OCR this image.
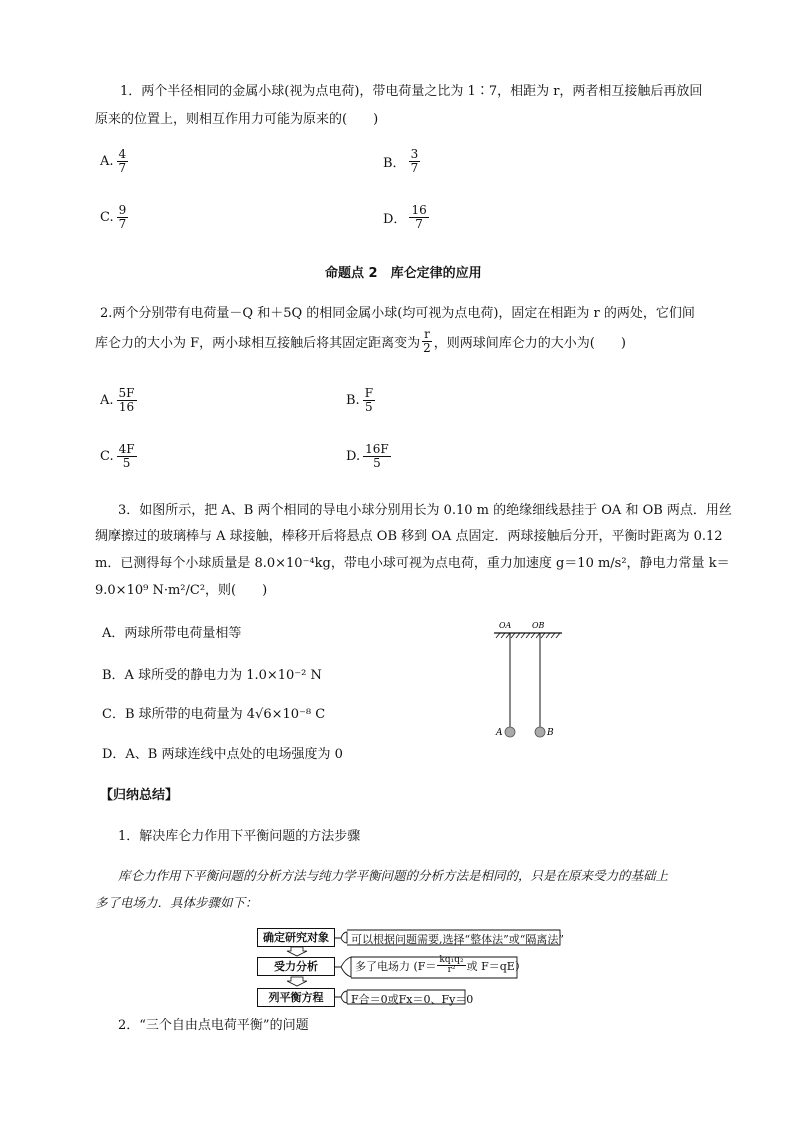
1．两个半径相同的金属小球(视为点电荷)，带电荷量之比为 1∶7，相距为 r，两者相互接触后再放回
原来的位置上，则相互作用力可能为原来的(　　)
A. $\frac{4}{7}$	B． $\frac{3}{7}$
C. $\frac{9}{7}$	D． $\frac{16}{7}$
命题点 2　库仑定律的应用
2.两个分别带有电荷量－Q 和＋5Q 的相同金属小球(均可视为点电荷)，固定在相距为 r 的两处，它们间
库仑力的大小为 F，两小球相互接触后将其固定距离变为 $\frac{r}{2}$ ，则两球间库仑力的大小为(　　)
A. $\frac{5F}{16}$	B. $\frac{F}{5}$
C. $\frac{4F}{5}$	D. $\frac{16F}{5}$
3．如图所示，把 A、B 两个相同的导电小球分别用长为 0.10 m 的绝缘细线悬挂于 OA 和 OB 两点．用丝
绸摩擦过的玻璃棒与 A 球接触，棒移开后将悬点 OB 移到 OA 点固定．两球接触后分开，平衡时距离为 0.12
m．已测得每个小球质量是 8.0×10⁻⁴kg，带电小球可视为点电荷，重力加速度 g＝10 m/s²，静电力常量 k＝
9.0×10⁹ N·m²/C²，则(　　)
A．两球所带电荷量相等
B．A 球所受的静电力为 1.0×10⁻² N
C．B 球所带的电荷量为 4√6×10⁻⁸ C
D．A、B 两球连线中点处的电场强度为 0
OA	OB
A	B
【归纳总结】
1．解决库仑力作用下平衡问题的方法步骤
库仑力作用下平衡问题的分析方法与纯力学平衡问题的分析方法是相同的，只是在原来受力的基础上
多了电场力．具体步骤如下：
确定研究对象
受力分析
列平衡方程
可以根据问题需要,选择“整体法”或“隔离法”
多了电场力 ($F= \frac{\text{kq₁q₂}}{\text{r²}}$ 或 F＝qE）
F合＝0或Fx＝0、Fy＝0
2．“三个自由点电荷平衡”的问题
